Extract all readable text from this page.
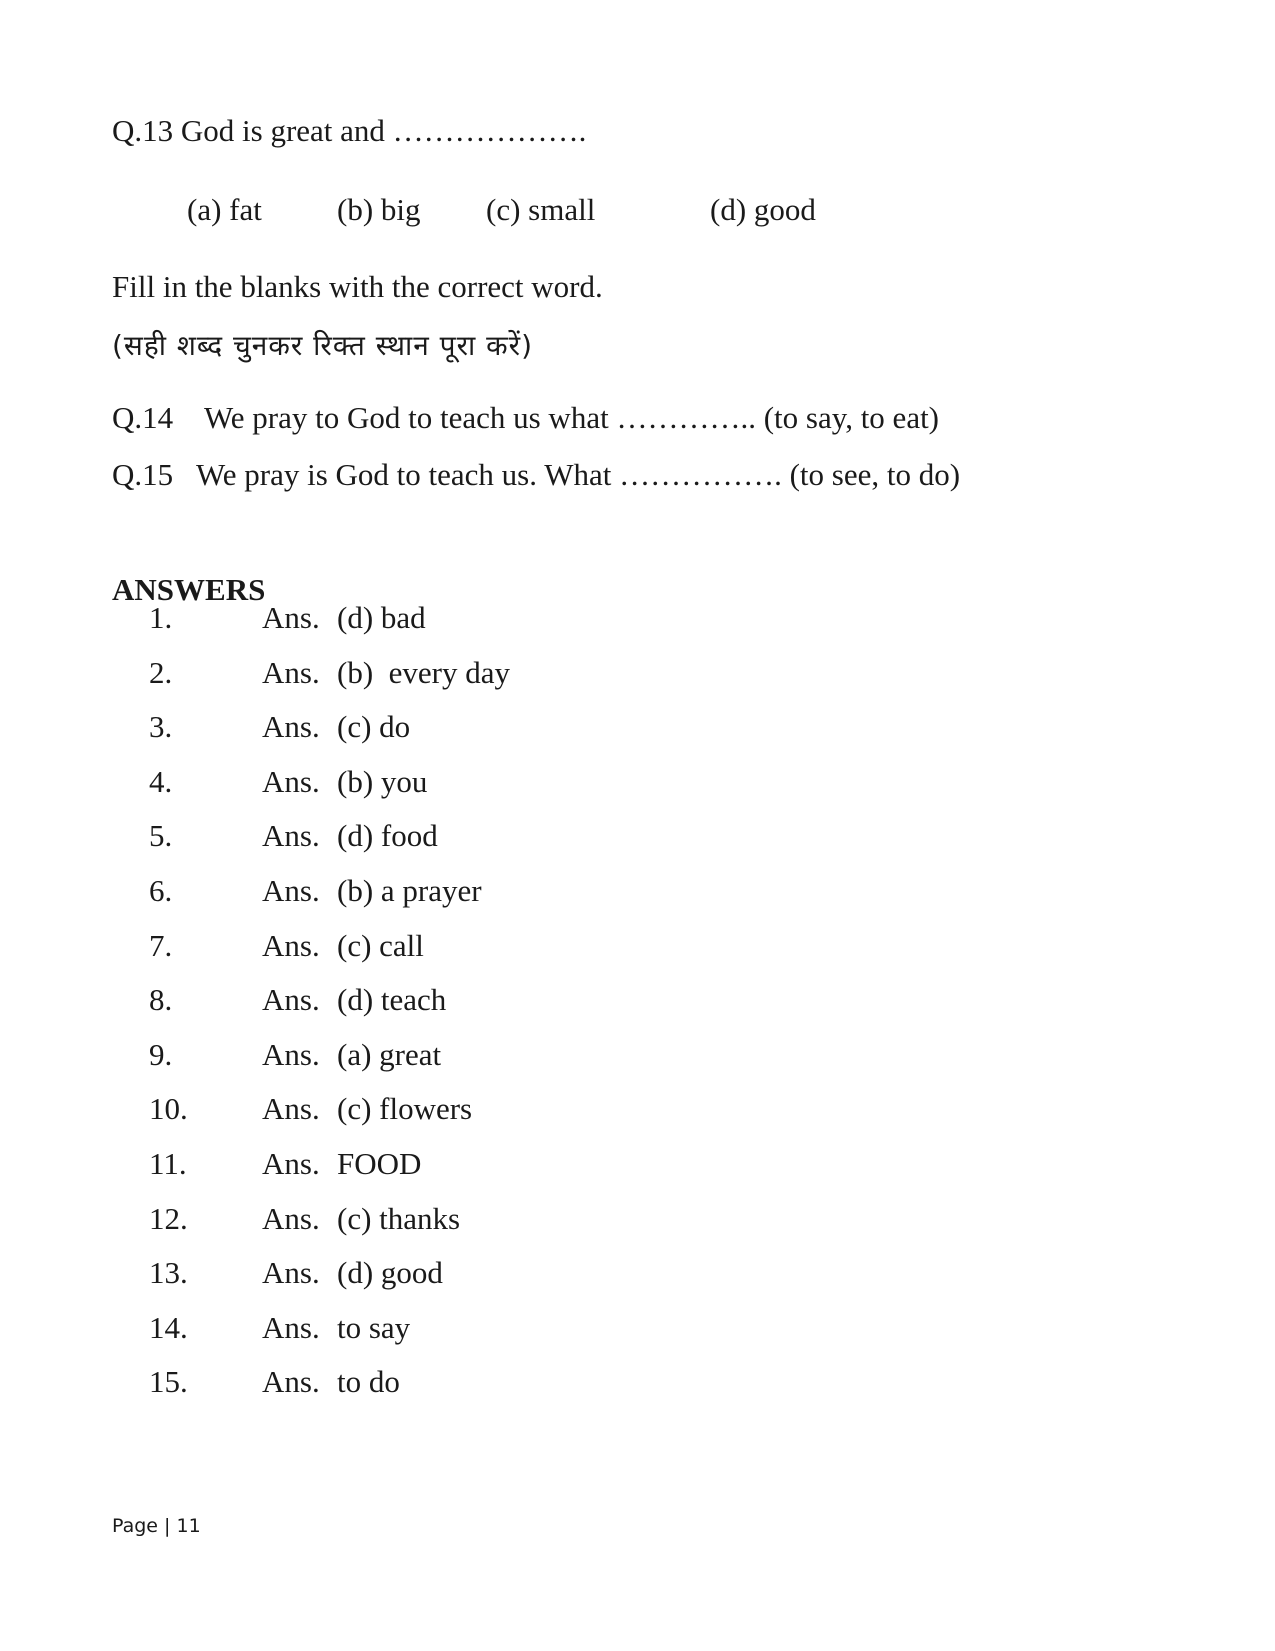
Q.13 God is great and ……………….
(a) fat (b) big (c) small	(d) good
Fill in the blanks with the correct word.
(सही शब्द चुनकर रिक्त स्थान पूरा करें)
Q.14 We pray to God to teach us what ………….. (to say, to eat)
Q.15 We pray is God to teach us. What ……………. (to see, to do)
ANSWERS
1.	Ans. (d) bad
2.	Ans. (b)  every day
3.	Ans. (c) do
4.	Ans. (b) you
5.	Ans. (d) food
6.	Ans. (b) a prayer
7.	Ans. (c) call
8.	Ans. (d) teach
9.	Ans. (a) great
10. Ans. (c) flowers
11. Ans. FOOD
12. Ans. (c) thanks
13. Ans. (d) good
14. Ans. to say
15. Ans. to do
Page | 11
